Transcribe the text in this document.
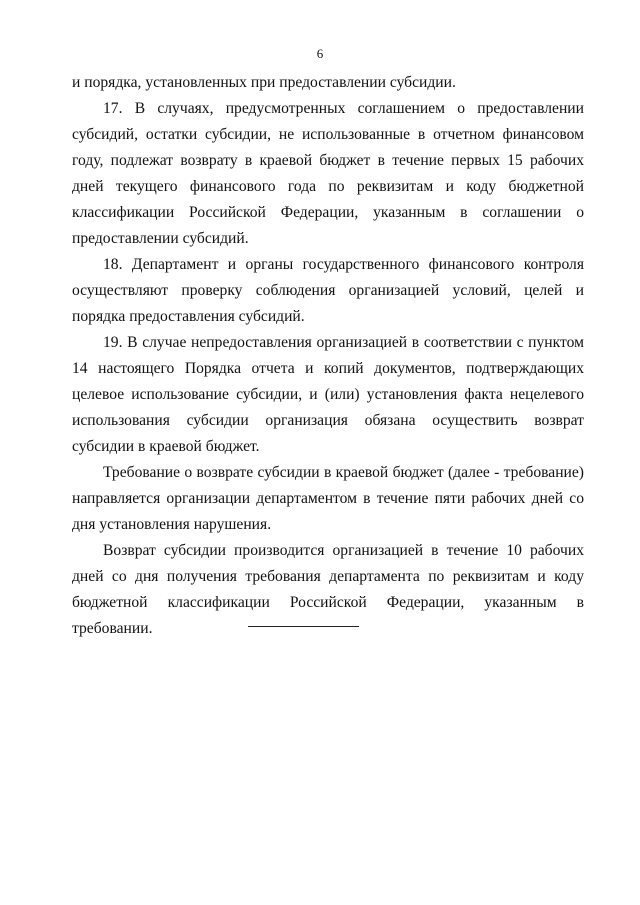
6

и порядка, установленных при предоставлении субсидии.

17. В случаях, предусмотренных соглашением о предоставлении субсидий, остатки субсидии, не использованные в отчетном финансовом году, подлежат возврату в краевой бюджет в течение первых 15 рабочих дней текущего финансового года по реквизитам и коду бюджетной классификации Российской Федерации, указанным в соглашении о предоставлении субсидий.

18. Департамент и органы государственного финансового контроля осуществляют проверку соблюдения организацией условий, целей и порядка предоставления субсидий.

19. В случае непредоставления организацией в соответствии с пунктом 14 настоящего Порядка отчета и копий документов, подтверждающих целевое использование субсидии, и (или) установления факта нецелевого использования субсидии организация обязана осуществить возврат субсидии в краевой бюджет.

Требование о возврате субсидии в краевой бюджет (далее - требование) направляется организации департаментом в течение пяти рабочих дней со дня установления нарушения.

Возврат субсидии производится организацией в течение 10 рабочих дней со дня получения требования департамента по реквизитам и коду бюджетной классификации Российской Федерации, указанным в требовании.
